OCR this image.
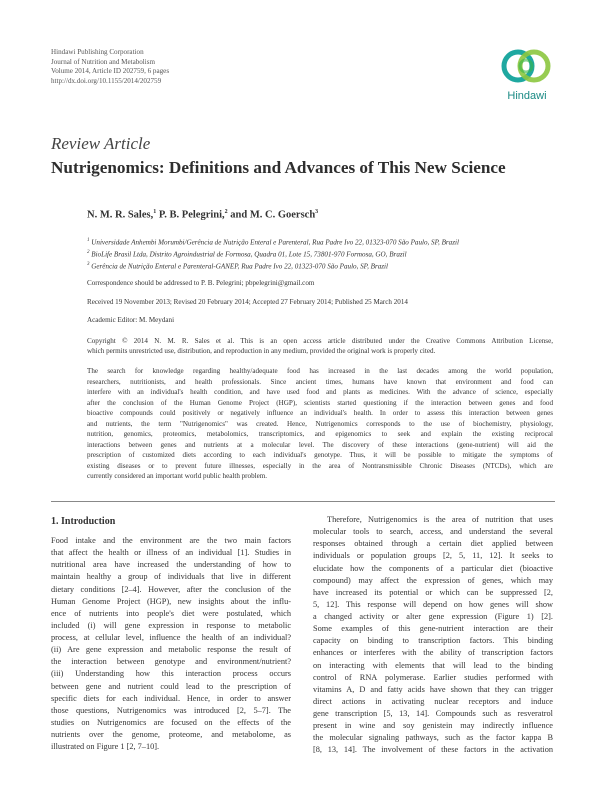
Hindawi Publishing Corporation
Journal of Nutrition and Metabolism
Volume 2014, Article ID 202759, 6 pages
http://dx.doi.org/10.1155/2014/202759
Hindawi
Review Article
Nutrigenomics: Definitions and Advances of This New Science
N. M. R. Sales,$^1$ P. B. Pelegrini,$^2$ and M. C. Goersch$^3$
$^1$ Universidade Anhembi Morumbi/Gerência de Nutrição Enteral e Parenteral, Rua Padre Ivo 22, 01323-070 São Paulo, SP, Brazil
$^2$ BioLife Brasil Ltda, Distrito Agroindustrial de Formosa, Quadra 01, Lote 15, 73801-970 Formosa, GO, Brazil
$^3$ Gerência de Nutrição Enteral e Parenteral-GANEP, Rua Padre Ivo 22, 01323-070 São Paulo, SP, Brazil
Correspondence should be addressed to P. B. Pelegrini; pbpelegrini@gmail.com
Received 19 November 2013; Revised 20 February 2014; Accepted 27 February 2014; Published 25 March 2014
Academic Editor: M. Meydani
Copyright © 2014 N. M. R. Sales et al. This is an open access article distributed under the Creative Commons Attribution License,
which permits unrestricted use, distribution, and reproduction in any medium, provided the original work is properly cited.
The search for knowledge regarding healthy/adequate food has increased in the last decades among the world population,
researchers, nutritionists, and health professionals. Since ancient times, humans have known that environment and food can
interfere with an individual's health condition, and have used food and plants as medicines. With the advance of science, especially
after the conclusion of the Human Genome Project (HGP), scientists started questioning if the interaction between genes and food
bioactive compounds could positively or negatively influence an individual's health. In order to assess this interaction between genes
and nutrients, the term "Nutrigenomics" was created. Hence, Nutrigenomics corresponds to the use of biochemistry, physiology,
nutrition, genomics, proteomics, metabolomics, transcriptomics, and epigenomics to seek and explain the existing reciprocal
interactions between genes and nutrients at a molecular level. The discovery of these interactions (gene-nutrient) will aid the
prescription of customized diets according to each individual's genotype. Thus, it will be possible to mitigate the symptoms of
existing diseases or to prevent future illnesses, especially in the area of Nontransmissible Chronic Diseases (NTCDs), which are
currently considered an important world public health problem.
1. Introduction
Food intake and the environment are the two main factors
that affect the health or illness of an individual [1]. Studies in
nutritional area have increased the understanding of how to
maintain healthy a group of individuals that live in different
dietary conditions [2–4]. However, after the conclusion of the
Human Genome Project (HGP), new insights about the influ-
ence of nutrients into people's diet were postulated, which
included (i) will gene expression in response to metabolic
process, at cellular level, influence the health of an individual?
(ii) Are gene expression and metabolic response the result of
the interaction between genotype and environment/nutrient?
(iii) Understanding how this interaction process occurs
between gene and nutrient could lead to the prescription of
specific diets for each individual. Hence, in order to answer
those questions, Nutrigenomics was introduced [2, 5–7]. The
studies on Nutrigenomics are focused on the effects of the
nutrients over the genome, proteome, and metabolome, as
illustrated on Figure 1 [2, 7–10].
Therefore, Nutrigenomics is the area of nutrition that uses
molecular tools to search, access, and understand the several
responses obtained through a certain diet applied between
individuals or population groups [2, 5, 11, 12]. It seeks to
elucidate how the components of a particular diet (bioactive
compound) may affect the expression of genes, which may
have increased its potential or which can be suppressed [2,
5, 12]. This response will depend on how genes will show
a changed activity or alter gene expression (Figure 1) [2].
Some examples of this gene-nutrient interaction are their
capacity on binding to transcription factors. This binding
enhances or interferes with the ability of transcription factors
on interacting with elements that will lead to the binding
control of RNA polymerase. Earlier studies performed with
vitamins A, D and fatty acids have shown that they can trigger
direct actions in activating nuclear receptors and induce
gene transcription [5, 13, 14]. Compounds such as resveratrol
present in wine and soy genistein may indirectly influence
the molecular signaling pathways, such as the factor kappa B
[8, 13, 14]. The involvement of these factors in the activation
